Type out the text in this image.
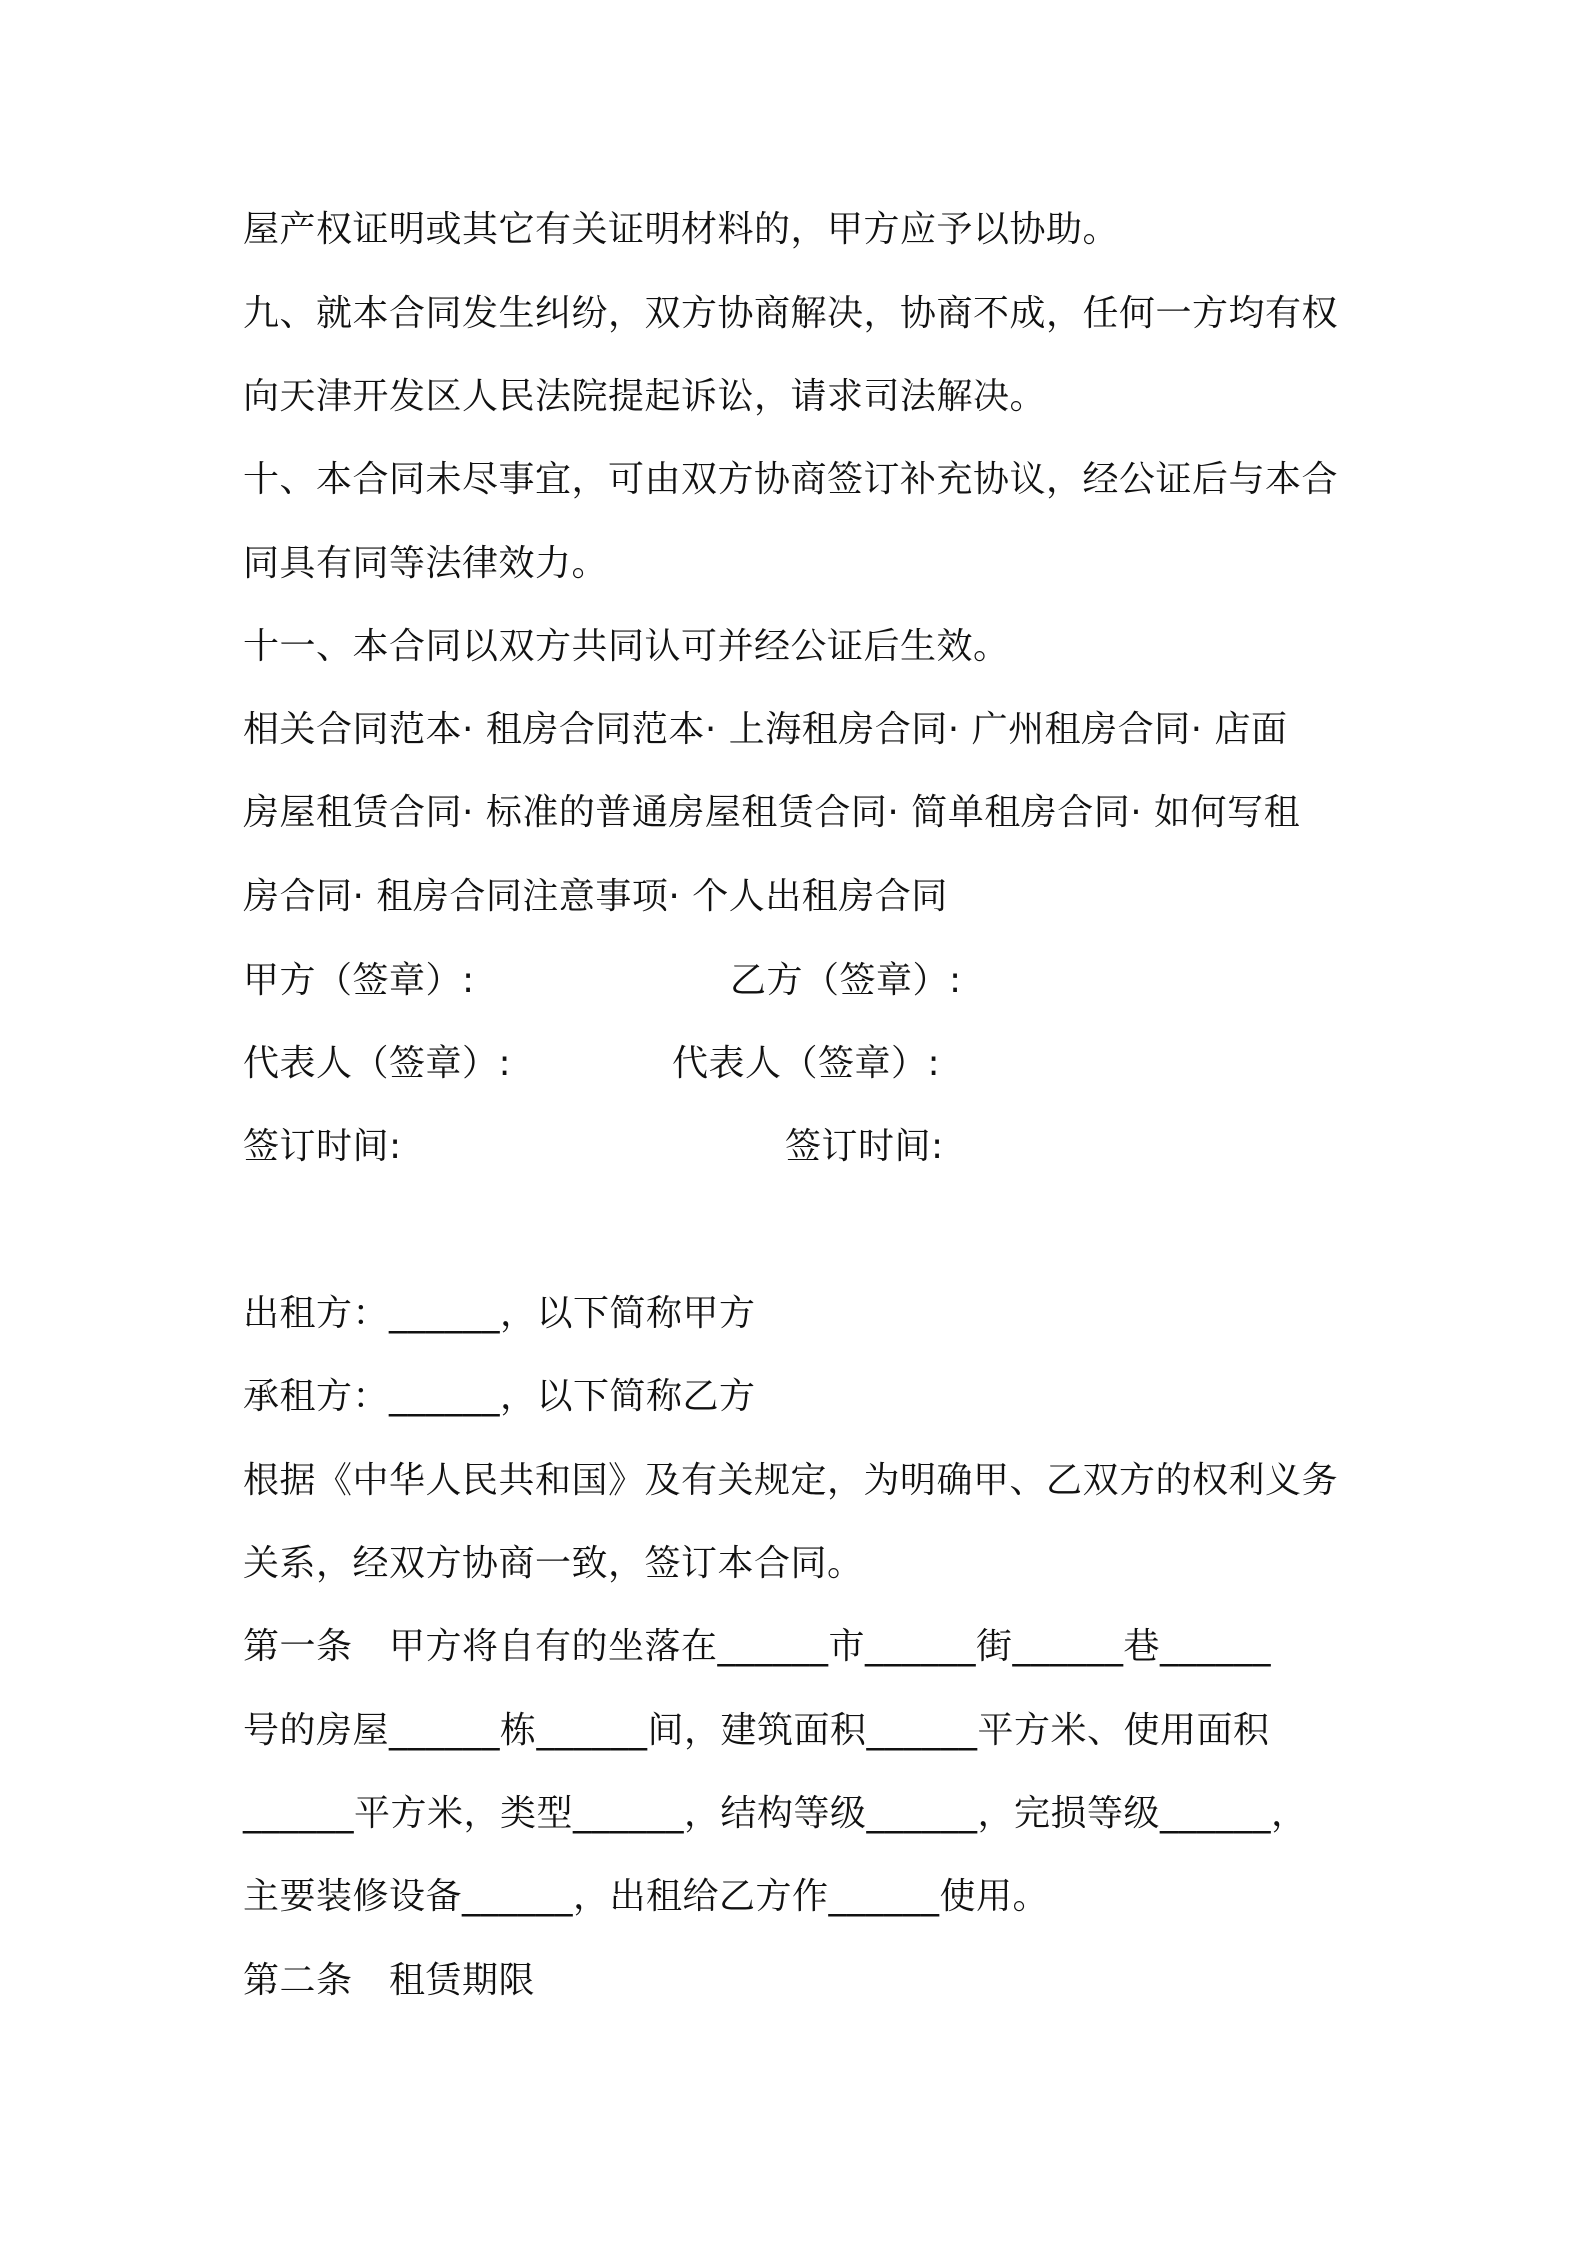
屋产权证明或其它有关证明材料的，甲方应予以协助。
九、就本合同发生纠纷，双方协商解决，协商不成，任何一方均有权
向天津开发区人民法院提起诉讼，请求司法解决。
十、本合同未尽事宜，可由双方协商签订补充协议，经公证后与本合
同具有同等法律效力。
十一、本合同以双方共同认可并经公证后生效。
相关合同范本· 租房合同范本· 上海租房合同· 广州租房合同· 店面
房屋租赁合同· 标准的普通房屋租赁合同· 简单租房合同· 如何写租
房合同· 租房合同注意事项· 个人出租房合同
甲方（签章）:	乙方（签章）:
代表人（签章）:	代表人（签章）:
签订时间:	签订时间:
出租方：______，以下简称甲方
承租方：______，以下简称乙方
根据《中华人民共和国》及有关规定，为明确甲、乙双方的权利义务
关系，经双方协商一致，签订本合同。
第一条　甲方将自有的坐落在______市______街______巷______
号的房屋______栋______间，建筑面积______平方米、使用面积
______平方米，类型______，结构等级______，完损等级______，
主要装修设备______，出租给乙方作______使用。
第二条　租赁期限
